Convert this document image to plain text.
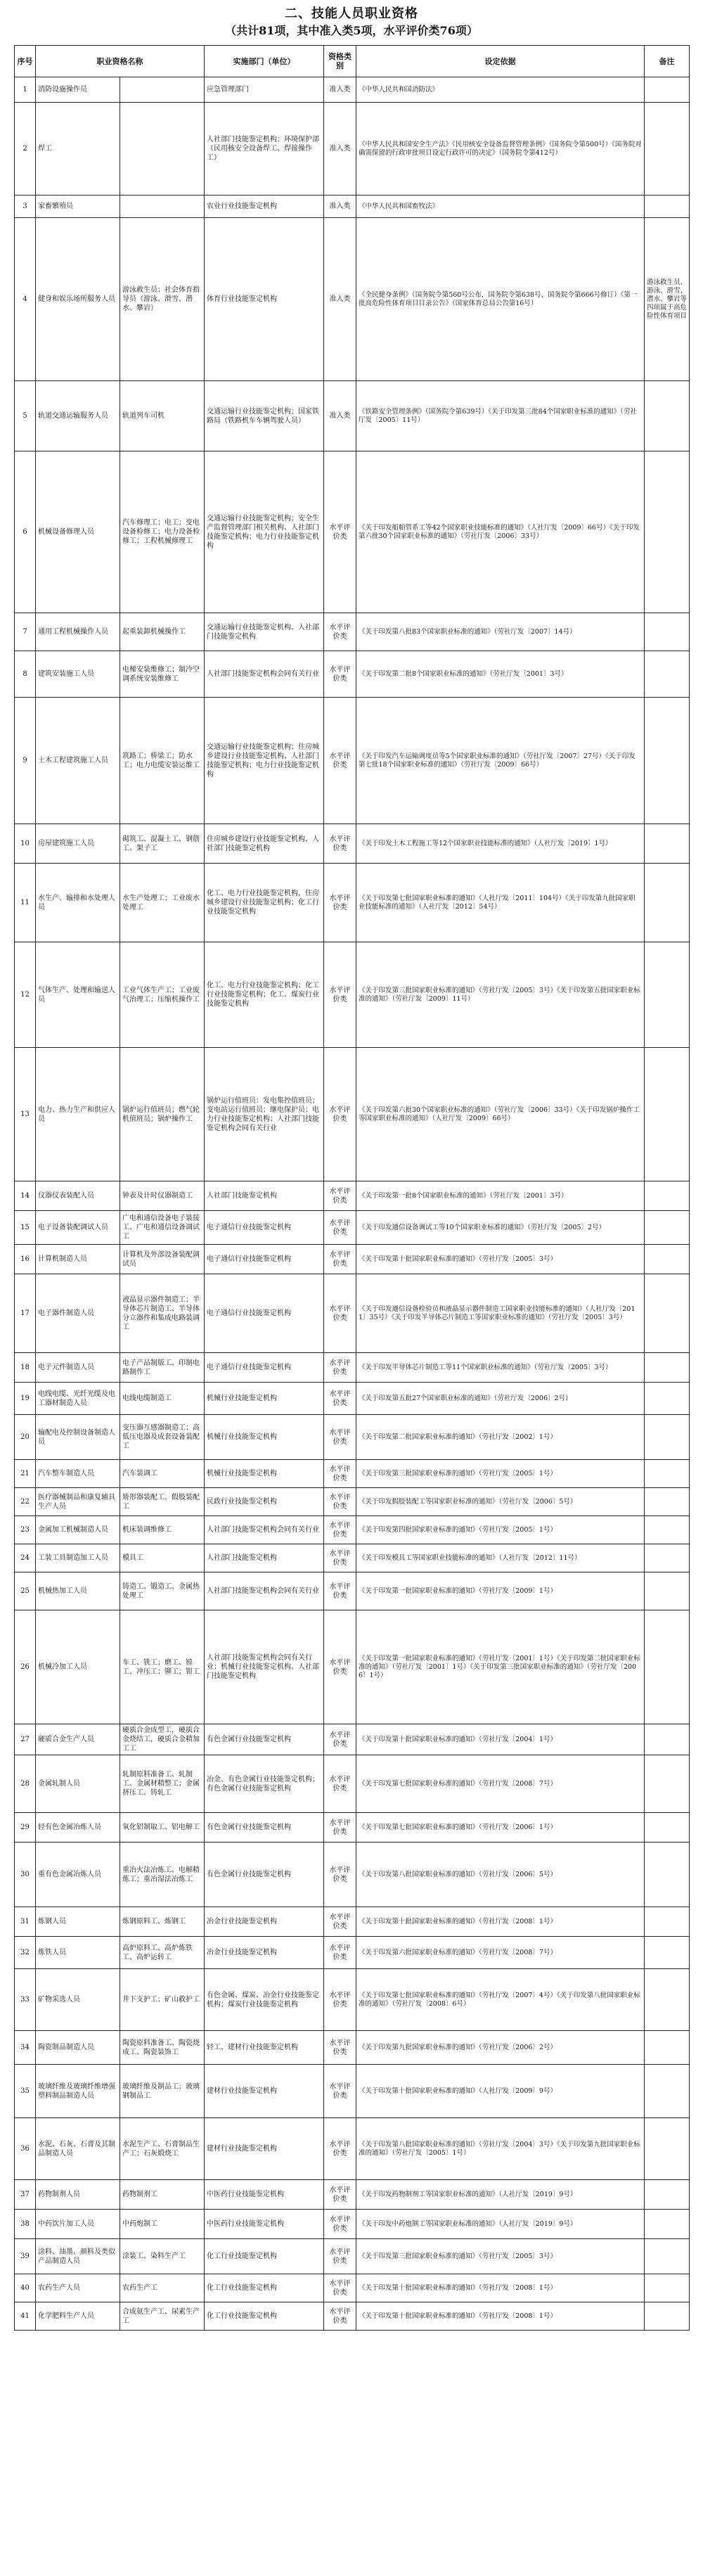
二、技能人员职业资格
（共计81项，其中准入类5项，水平评价类76项）
序号	职业资格名称		实施部门（单位）	资格类别	设定依据	备注
1	消防设施操作员		应急管理部门	准入类	《中华人民共和国消防法》	
2	焊工		人社部门技能鉴定机构；环境保护部（民用核安全设备焊工、焊接操作工）	准入类	《中华人民共和国安全生产法》《民用核安全设备监督管理条例》（国务院令第500号）《国务院对确需保留的行政审批项目设定行政许可的决定》（国务院令第412号）	
3	家畜繁殖员		农业行业技能鉴定机构	准入类	《中华人民共和国畜牧法》	
4	健身和娱乐场所服务人员	游泳救生员；社会体育指导员（游泳、滑雪、潜水、攀岩）	体育行业技能鉴定机构	准入类	《全民健身条例》（国务院令第560号公布，国务院令第638号、国务院令第666号修订）《第一批高危险性体育项目目录公告》（国家体育总局公告第16号）	游泳救生员、游泳、滑雪、潜水、攀岩等四项属于高危险性体育项目
5	轨道交通运输服务人员	轨道列车司机	交通运输行业技能鉴定机构；国家铁路局（铁路机车车辆驾驶人员）	准入类	《铁路安全管理条例》（国务院令第639号）《关于印发第三批84个国家职业标准的通知》（劳社厅发〔2005〕11号）	
6	机械设备修理人员	汽车修理工；电工；变电设备检修工；电力设备检修工；工程机械修理工	交通运输行业技能鉴定机构；安全生产监督管理部门相关机构、人社部门技能鉴定机构；电力行业技能鉴定机构	水平评价类	《关于印发船舶管系工等42个国家职业技能标准的通知》（人社厅发〔2009〕66号）《关于印发第六批30个国家职业标准的通知》（劳社厅发〔2006〕33号）	
7	通用工程机械操作人员	起重装卸机械操作工	交通运输行业技能鉴定机构、人社部门技能鉴定机构	水平评价类	《关于印发第八批83个国家职业标准的通知》（劳社厅发〔2007〕14号）	
8	建筑安装施工人员	电梯安装维修工；制冷空调系统安装维修工	人社部门技能鉴定机构会同有关行业	水平评价类	《关于印发第二批8个国家职业标准的通知》（劳社厅发〔2001〕3号）	
9	土木工程建筑施工人员	筑路工；桥梁工；防水工；电力电缆安装运维工	交通运输行业技能鉴定机构；住房城乡建设行业技能鉴定机构、人社部门技能鉴定机构；电力行业技能鉴定机构	水平评价类	《关于印发汽车运输调度员等5个国家职业标准的通知》（劳社厅发〔2007〕27号）《关于印发第七批18个国家职业标准的通知》（劳社厅发〔2009〕66号）	
10	房屋建筑施工人员	砌筑工、混凝土工、钢筋工、架子工	住房城乡建设行业技能鉴定机构、人社部门技能鉴定机构	水平评价类	《关于印发土木工程施工等12个国家职业技能标准的通知》（人社厅发〔2019〕1号）	
11	水生产、输排和水处理人员	水生产处理工；工业废水处理工	化工、电力行业技能鉴定机构，住房城乡建设行业技能鉴定机构；化工行业技能鉴定机构	水平评价类	《关于印发第七批国家职业标准的通知》（人社厅发〔2011〕104号）《关于印发第九批国家职业技能标准的通知》（人社厅发〔2012〕54号）	
12	气体生产、处理和输送人员	工业气体生产工；工业废气治理工；压缩机操作工	化工、电力行业技能鉴定机构；化工行业技能鉴定机构；化工、煤炭行业技能鉴定机构	水平评价类	《关于印发第三批国家职业标准的通知》（劳社厅发〔2005〕3号）《关于印发第五批国家职业标准的通知》（劳社厅发〔2009〕11号）	
13	电力、热力生产和供应人员	锅炉运行值班员；燃气轮机值班员；锅炉操作工	锅炉运行值班员：发电集控值班员；变电站运行值班员；继电保护员；电力行业技能鉴定机构；人社部门技能鉴定机构会同有关行业	水平评价类	《关于印发第六批30个国家职业标准的通知》（劳社厅发〔2006〕33号）《关于印发锅炉操作工等国家职业标准的通知》（人社厅发〔2009〕66号）	
14	仪器仪表装配人员	钟表及计时仪器制造工	人社部门技能鉴定机构	水平评价类	《关于印发第一批8个国家职业标准的通知》（劳社厅发〔2001〕3号）	
15	电子设备装配调试人员	广电和通信设备电子装接工、广电和通信设备调试工	电子通信行业技能鉴定机构	水平评价类	《关于印发通信设备调试工等10个国家职业标准的通知》（劳社厅发〔2005〕2号）	
16	计算机制造人员	计算机及外部设备装配调试员	电子通信行业技能鉴定机构	水平评价类	《关于印发第十批国家职业标准的通知》（劳社厅发〔2005〕3号）	
17	电子器件制造人员	液晶显示器件制造工；半导体芯片制造工、半导体分立器件和集成电路装调工	电子通信行业技能鉴定机构	水平评价类	《关于印发通信设备检验员和液晶显示器件制造工国家职业技能标准的通知》（人社厅发〔2011〕35号）《关于印发半导体芯片制造工等国家职业标准的通知》（劳社厅发〔2005〕3号）	
18	电子元件制造人员	电子产品制版工、印制电路制作工	电子通信行业技能鉴定机构	水平评价类	《关于印发半导体芯片制造工等11个国家职业标准的通知》（劳社厅发〔2005〕3号）	
19	电线电缆、光纤光缆及电工器材制造人员	电线电缆制造工	机械行业技能鉴定机构	水平评价类	《关于印发第五批27个国家职业标准的通知》（劳社厅发〔2006〕2号）	
20	输配电及控制设备制造人员	变压器互感器制造工；高低压电器及成套设备装配工	机械行业技能鉴定机构	水平评价类	《关于印发第二批国家职业标准的通知》（劳社厅发〔2002〕1号）	
21	汽车整车制造人员	汽车装调工	机械行业技能鉴定机构	水平评价类	《关于印发第三批国家职业标准的通知》（劳社厅发〔2005〕1号）	
22	医疗器械制品和康复辅具生产人员	矫形器装配工、假肢装配工	民政行业技能鉴定机构	水平评价类	《关于印发假肢装配工等国家职业标准的通知》（劳社厅发〔2006〕5号）	
23	金属加工机械制造人员	机床装调维修工	人社部门技能鉴定机构会同有关行业	水平评价类	《关于印发第四批国家职业标准的通知》（劳社厅发〔2005〕1号）	
24	工装工具制造加工人员	模具工	人社部门技能鉴定机构	水平评价类	《关于印发模具工等国家职业技能标准的通知》（人社厅发〔2012〕11号）	
25	机械热加工人员	铸造工、锻造工、金属热处理工	人社部门技能鉴定机构会同有关行业	水平评价类	《关于印发第一批国家职业标准的通知》（劳社厅发〔2009〕1号）	
26	机械冷加工人员	车工、铣工；磨工、镗工、冲压工；铆工；钳工	人社部门技能鉴定机构会同有关行业；机械行业技能鉴定机构、人社部门技能鉴定机构	水平评价类	《关于印发第一批国家职业标准的通知》（劳社厅发〔2001〕1号）《关于印发第二批国家职业标准的通知》（劳社厅发〔2001〕1号）《关于印发第三批国家职业标准的通知》（劳社厅发〔2006〕1号）	
27	硬质合金生产人员	硬质合金成型工，硬质合金烧结工，硬质合金精加工工	有色金属行业技能鉴定机构	水平评价类	《关于印发第十批国家职业标准的通知》（劳社厅发〔2004〕1号）	
28	金属轧制人员	轧制原料准备工、轧制工、金属材精整工；金属挤压工、铸轧工	冶金、有色金属行业技能鉴定机构；有色金属行业技能鉴定机构	水平评价类	《关于印发第七批国家职业标准的通知》（劳社厅发〔2008〕7号）	
29	轻有色金属冶炼人员	氧化铝制取工、铝电解工	有色金属行业技能鉴定机构	水平评价类	《关于印发第七批国家职业标准的通知》（劳社厅发〔2006〕1号）	
30	重有色金属冶炼人员	重冶火法冶炼工、电解精炼工；重冶湿法冶炼工	有色金属行业技能鉴定机构	水平评价类	《关于印发第八批国家职业标准的通知》（劳社厅发〔2006〕5号）	
31	炼钢人员	炼钢原料工、炼钢工	冶金行业技能鉴定机构	水平评价类	《关于印发第十批国家职业标准的通知》（劳社厅发〔2008〕1号）	
32	炼铁人员	高炉原料工、高炉炼铁工、高炉运转工	冶金行业技能鉴定机构	水平评价类	《关于印发第六批国家职业标准的通知》（劳社厅发〔2008〕7号）	
33	矿物采选人员	井下支护工；矿山救护工	有色金属、煤炭、冶金行业技能鉴定机构；煤炭行业技能鉴定机构	水平评价类	《关于印发第七批国家职业标准的通知》（劳社厅发〔2007〕4号）《关于印发第八批国家职业标准的通知》（劳社厅发〔2008〕6号）	
34	陶瓷制品制造人员	陶瓷原料准备工、陶瓷烧成工、陶瓷装饰工	轻工、建材行业技能鉴定机构	水平评价类	《关于印发第九批国家职业标准的通知》（劳社厅发〔2006〕2号）	
35	玻璃纤维及玻璃纤维增强塑料制品制造人员	玻璃纤维及制品工；玻璃钢制品工	建材行业技能鉴定机构	水平评价类	《关于印发第十批国家职业标准的通知》（人社厅发〔2009〕9号）	
36	水泥、石灰、石膏及其制品制造人员	水泥生产工、石膏制品生产工；石灰煅烧工	建材行业技能鉴定机构	水平评价类	《关于印发第八批国家职业标准的通知》（劳社厅发〔2004〕3号）《关于印发第九批国家职业标准的通知》（劳社厅发〔2005〕1号）	
37	药物制剂人员	药物制剂工	中医药行业技能鉴定机构	水平评价类	《关于印发药物制剂工等国家职业标准的通知》（人社厅发〔2019〕9号）	
38	中药饮片加工人员	中药炮制工	中医药行业技能鉴定机构	水平评价类	《关于印发中药炮制工等国家职业标准的通知》（人社厅发〔2019〕9号）	
39	涂料、油墨、颜料及类似产品制造人员	涂装工、染料生产工	化工行业技能鉴定机构	水平评价类	《关于印发第三批国家职业标准的通知》（劳社厅发〔2005〕3号）	
40	农药生产人员	农药生产工	化工行业技能鉴定机构	水平评价类	《关于印发第十批国家职业标准的通知》（劳社厅发〔2008〕1号）	
41	化学肥料生产人员	合成氨生产工、尿素生产工	化工行业技能鉴定机构	水平评价类	《关于印发第十批国家职业标准的通知》（劳社厅发〔2008〕1号）	
